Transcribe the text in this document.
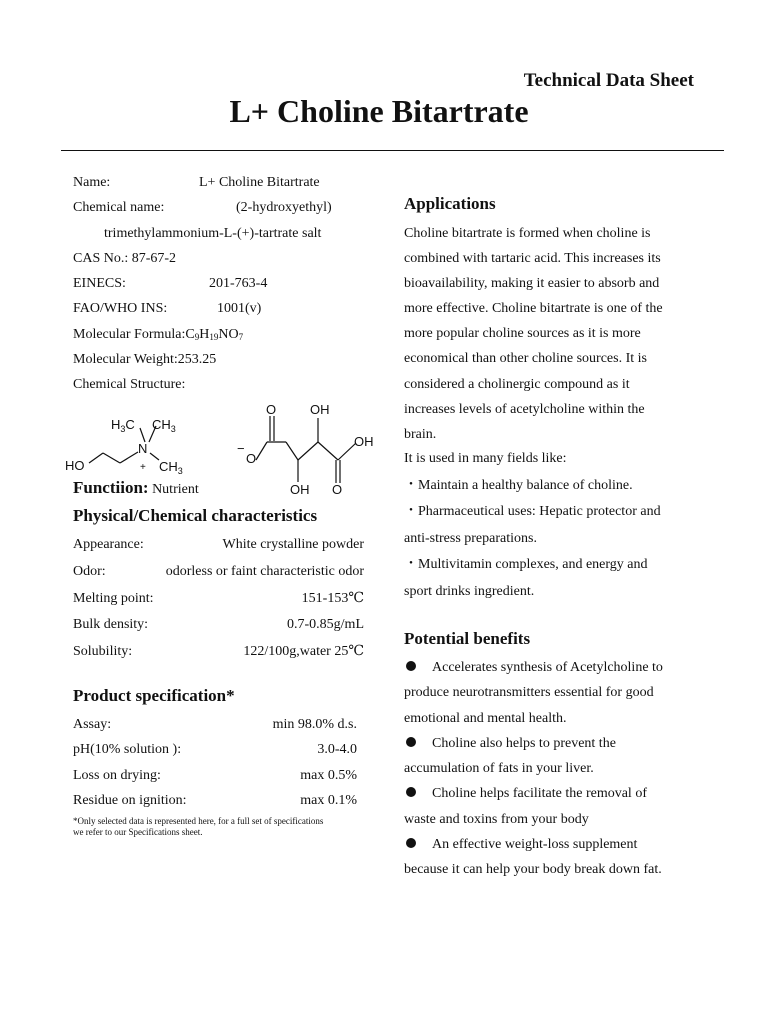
Technical Data Sheet
L+ Choline Bitartrate
Name:	L+ Choline Bitartrate
Chemical name:	(2-hydroxyethyl)
trimethylammonium-L-(+)-tartrate salt
CAS No.: 87-67-2
EINECS:	201-763-4
FAO/WHO INS:	1001(v)
Molecular $Formula:C_9H_{19}NO_7$
Molecular Weight:253.25
Chemical Structure:
$H_3C$ $CH_3$
N
+ $CH_3$
HO
O	OH
OH
−
O
OH O
Functiion: Nutrient
Physical/Chemical characteristics
Appearance:	White crystalline powder
Odor:	odorless or faint characteristic odor
Melting point:	151-153℃
Bulk density:	0.7-0.85g/mL
Solubility:	122/100g,water 25℃
Product specification*
Assay:	min 98.0% d.s.
pH(10% solution ):	3.0-4.0
Loss on drying:	max 0.5%
Residue on ignition:	max 0.1%
*Only selected data is represented here, for a full set of specifications
we refer to our Specifications sheet.
Applications
Choline bitartrate is formed when choline is
combined with tartaric acid. This increases its
bioavailability, making it easier to absorb and
more effective. Choline bitartrate is one of the
more popular choline sources as it is more
economical than other choline sources. It is
considered a cholinergic compound as it
increases levels of acetylcholine within the
brain.
It is used in many fields like:
・Maintain a healthy balance of choline.
・Pharmaceutical uses: Hepatic protector and
anti-stress preparations.
・Multivitamin complexes, and energy and
sport drinks ingredient.
Potential benefits
Accelerates synthesis of Acetylcholine to
produce neurotransmitters essential for good
emotional and mental health.
Choline also helps to prevent the
accumulation of fats in your liver.
Choline helps facilitate the removal of
waste and toxins from your body
An effective weight-loss supplement
because it can help your body break down fat.
